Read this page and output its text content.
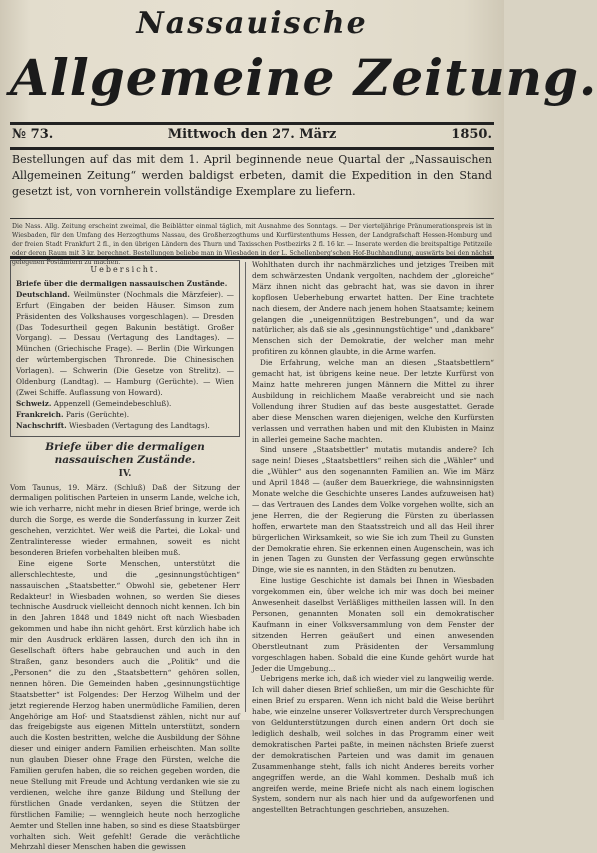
Nassauische
Allgemeine Zeitung.
№ 73.	Mittwoch den 27. März	1850.
Bestellungen auf das mit dem 1. April beginnende neue Quartal der „Nassauischen Allgemeinen Zeitung“ werden baldigst erbeten, damit die Expedition in den Stand gesetzt ist, von vornherein vollständige Exemplare zu liefern.
Die Nass. Allg. Zeitung erscheint zweimal, die Beiblätter einmal täglich, mit Ausnahme des Sonntags. — Der vierteljährige Pränumerationspreis ist in Wiesbaden, für den Umfang des Herzogthums Nassau, des Großherzogthums und Kurfürstenthums Hessen, der Landgrafschaft Hessen-Homburg und der freien Stadt Frankfurt 2 fl., in den übrigen Ländern des Thurn und Taxisschen Postbezirks 2 fl. 16 kr. — Inserate werden die breitspaltige Petitzeile oder deren Raum mit 3 kr. berechnet. Bestellungen beliebe man in Wiesbaden in der L. Schellenberg'schen Hof-Buchhandlung, auswärts bei den nächst gelegenen Postämtern zu machen.
Uebersicht.

Briefe über die dermaligen nassauischen Zustände.

Deutschland. Weilmünster (Nochmals die Märzfeier). — Erfurt (Eingaben der beiden Häuser. Simson zum Präsidenten des Volkshauses vorgeschlagen). — Dresden (Das Todesurtheil gegen Bakunin bestätigt. Großer Vorgang). — Dessau (Vertagung des Landtages). — München (Griechische Frage). — Berlin (Die Wirkungen der würtembergischen Thronrede. Die Chinesischen Vorlagen). — Schwerin (Die Gesetze von Strelitz). — Oldenburg (Landtag). — Hamburg (Gerüchte). — Wien (Zwei Schiffe. Auflassung von Howard).

Schweiz. Appenzell (Gemeindebeschluß).

Frankreich. Paris (Gerüchte).

Nachschrift. Wiesbaden (Vertagung des Landtags).

Briefe über die dermaligen nassauischen Zustände.
IV.

Vom Taunus, 19. März. (Schluß) Daß der Sitzung der dermaligen politischen Parteien in unserm Lande, welche ich, wie ich verharre, nicht mehr in diesen Brief bringe, werde ich durch die Sorge, es werde die Sonderfassung in kurzer Zeit geschehen, verzichtet. Wer weiß die Partei, die Lokal- und Zentralinteresse wieder ermahnen, soweit es nicht besonderen Briefen vorbehalten bleiben muß.

Eine eigene Sorte Menschen, unterstützt die allerschlechteste, und die „gesinnungstüchtigen“ nassauischen „Staatsbetter.“ Obwohl sie, gebetener Herr Redakteur! in Wiesbaden wohnen, so werden Sie dieses technische Ausdruck vielleicht dennoch nicht kennen. Ich bin in den Jahren 1848 und 1849 nicht oft nach Wiesbaden gekommen und habe ihn nicht gehört. Erst kürzlich habe ich mir den Ausdruck erklären lassen, durch den ich ihn in Gesellschaft öfters habe gebrauchen und auch in den Straßen, ganz besonders auch die „Politik“ und die „Personen“ die zu den „Staatsbettern“ gehören sollen, nennen hören. Die Gemeinden haben „gesinnungstüchtige Staatsbetter“ ist Folgendes: Der Herzog Wilhelm und der jetzt regierende Herzog haben unermüdliche Familien, deren Angehörige am Hof- und Staatsdienst zählen, nicht nur auf das freigebigste aus eigenen Mitteln unterstützt, sondern auch die Kosten bestritten, welche die Ausbildung der Söhne dieser und einiger andern Familien erheischten. Man sollte nun glauben Dieser ohne Frage den Fürsten, welche die Familien gerufen haben, die so reichen gegeben worden, die neue Stellung mit Freude und Achtung verdanken wie sie zu verdienen, welche ihre ganze Bildung und Stellung der fürstlichen Gnade verdanken, seyen die Stützen der fürstlichen Familie; — wenngleich heute noch herzogliche Aemter und Stellen inne haben, so sind es diese Staatsbürger vorhalten sich. Weit gefehlt! Gerade die verächtliche Mehrzahl dieser Menschen haben die gewissen

Wohlthaten durch ihr nachmärzliches und jetziges Treiben mit dem schwärzesten Undank vergolten, nachdem der „gloreiche“ März ihnen nicht das gebracht hat, was sie davon in ihrer kopflosen Ueberhebung erwartet hatten. Der Eine trachtete nach diesem, der Andere nach jenem hohen Staatsamte; keinem gelangen die „uneigennützigen Bestrebungen“, und da war natürlicher, als daß sie als „gesinnungstüchtige“ und „dankbare“ Menschen sich der Demokratie, der welcher man mehr profitiren zu können glaubte, in die Arme warfen.

Die Erfahrung, welche man an diesen „Staatsbettlern“ gemacht hat, ist übrigens keine neue. Der letzte Kurfürst von Mainz hatte mehreren jungen Männern die Mittel zu ihrer Ausbildung in reichlichem Maaße verabreicht und sie nach Vollendung ihrer Studien auf das beste ausgestattet. Gerade aber diese Menschen waren diejenigen, welche den Kurfürsten verlassen und verrathen haben und mit den Klubisten in Mainz in allerlei gemeine Sache machten.

Sind unsere „Staatsbettler“ mutatis mutandis andere? Ich sage nein! Dieses „Staatsbettlers“ reihen sich die „Wähler“ und die „Wühler“ aus den sogenannten Familien an. Wie im März und April 1848 — (außer dem Bauerkriege, die wahnsinnigsten Monate welche die Geschichte unseres Landes aufzuweisen hat) — das Vertrauen des Landes dem Volke vorgehen wollte, sich an jene Herren, die der Regierung die Fürsten zu überlassen hoffen, erwartete man den Staatsstreich und all das Heil ihrer bürgerlichen Wirksamkeit, so wie Sie ich zum Theil zu Gunsten der Demokratie ehren. Sie erkennen einen Augenschein, was ich in jenen Tagen zu Gunsten der Verfassung gegen erwünschte Dinge, wie sie es nannten, in den Städten zu benutzen.

Eine lustige Geschichte ist damals bei Ihnen in Wiesbaden vorgekommen ein, über welche ich mir was doch bei meiner Anwesenheit daselbst Verläßliges mittheilen lassen will. In den Personen, genannten Monaten soll ein demokratischer Kaufmann in einer Volksversammlung von dem Fenster der sitzenden Herren geäußert und einen anwesenden Oberstleutnant zum Präsidenten der Versammlung vorgeschlagen haben. Sobald die eine Kunde gehört wurde hat Jeder die Umgebung...

Uebrigens merke ich, daß ich wieder viel zu langweilig werde. Ich will daher diesen Brief schließen, um mir die Geschichte für einen Brief zu ersparen. Wenn ich nicht bald die Weise berührt habe, wie einzelne unserer Volksvertreter durch Versprechungen von Geldunterstützungen durch einen andern Ort doch sie lediglich deshalb, weil solches in das Programm einer weit demokratischen Partei paßte, in meinen nächsten Briefe zuerst der demokratischen Parteien und was damit im genauen Zusammenhange steht, falls ich nicht Anderes bereits vorher angegriffen werde, an die Wahl kommen. Deshalb muß ich angreifen werde, meine Briefe nicht als nach einem logischen System, sondern nur als nach hier und da aufgeworfenen und angestellten Betrachtungen geschrieben, ansuzehen.
